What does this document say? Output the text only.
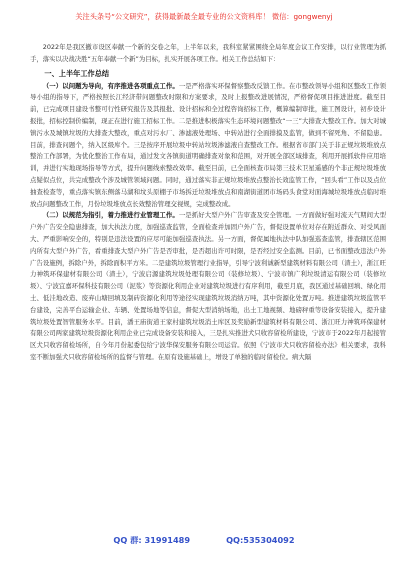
关注头条号“公文研究”，获得最新最全最专业的公文资料库！ 微信：gongwenyj

2022年是我区撤市设区奉献一个新的交卷之年，上半年以来，我科室紧紧围绕全局年度会议工作安排，以行业管理为抓手，落实以决战决胜“五年奉献一个新”为目标，扎实开展各项工作。相关工作总结如下：

一、上半年工作总结

（一）以问题为导向，有序推进各项重点工作。一是严格落实环保督察整改反馈工作。在市整改领导小组和区整改工作领导小组的指导下，严格按照长江经济带问题整改时限和方案要求，及时上报整改进展情况，严格督促项目推进进度。截至目前，已完成项目建设书整可行性研究报告及其报批、设计招标和全过程咨询招标工作，概算编制审批，施工图设计，初步设计报批，招标控制价编制，现正在进行施工招标工作。二是推进积极落实生态环境问题整改“一三”大排查大整改工作。加大对城镇污水及城镇垃圾的大排查大整改，重点对污水厂、渗滤液处理场、中转站进行全面排摸及监管，做到不留死角、不留隐患。目前，排查问题个，纳入区级库个。三是按序开展垃圾中转站垃圾渗滤液自查整改工作。根据省市部门关于非正规垃圾堆放点整治工作部署，为优化整治工作布局，通过发文各镇街道明确排查对象和范围，对开展全部区域排查，利用开展抓软件应用培训，并进行实地现场指导等方式，提升问题线索整改效率。截至目前，已全面核查市局第三技术卫星遥感的个非正规垃圾堆放点疑似点位，共完成整改个涉及城管领域问题。同时，通过落实非正规垃圾堆放点整治长效监管工作，“回头看”工作以及点位抽查检查等，重点落实镇东侧落马湖和坟头原棚子市场拆迁垃圾堆放点和南湖街道团市场码头食堂对面海城垃圾堆放点临时堆放点问题整改工作，月份垃圾堆放点长效整治管理交视规，完成整改成。

（二）以规范为指引，着力推进行业管理工作。一是抓好大型户外广告审查及安全管理。一方面做好强对流天气期间大型户外广告安全隐患排查，加大执法力度，加强巡查监管，全面检查并加固户外广告，督促设置单位对存在附近群众、对受风面大、严重影响安全的，特别是违法设置的应尽可能加强巡查执法。另一方面，督促属地执法中队加强巡查监管，排查辖区范围内所有大型户外广告，看重排查大型户外广告是否审批，是否超出许可时限，是否经过安全监测。目前，已书面整改违法户外广告设施例，拆除户外，拆除面积平方米。二是建筑垃圾管理行业指导，引导宁波利诚新型建筑材料有限公司（渣土），浙江旺力神筑环保建材有限公司（渣土），宁波启源建筑垃圾处理有限公司（装修垃圾）、宁波市镇广利垃圾清运有限公司（装修垃圾）、宁波宜嘉环保科技有限公司（泥浆）等资源化利用企业对建筑垃圾进行有序利用，截至月底，我区通过基础回填、绿化用土、低洼地改造、废弃山塘回填及制砖资源化利用等途径实现建筑垃圾消纳万吨，其中资源化处置万吨。推进建筑垃圾监管平台建设，完善平台运输企业、车辆、处置场地等信息，督促大型消纳场地，出土工地视频、地磅秤重等设备安装接入，提升建筑垃圾处置智管服务水平。目前，潘王庙街道王家村建筑垃圾消土库区及奖励新型建筑材料有限公司、浙江旺力神筑环保建材有限公司两家建筑垃圾资源化利用企业已完成设备安装和接入，三是扎实推进犬只收容留检所建设，宁波市于2022年月起接管区犬只收容留检场所，自今年月份起委包给宁波华保安服务有限公司运营。依照《宁波市犬只收容留检办法》相关要求，我科室不断加强犬只收容留检场所的监督与管理。在原有设施基础上，增设了单独的临时留检位。病大隔

QQ 群: 31991489	QQ:535304092
